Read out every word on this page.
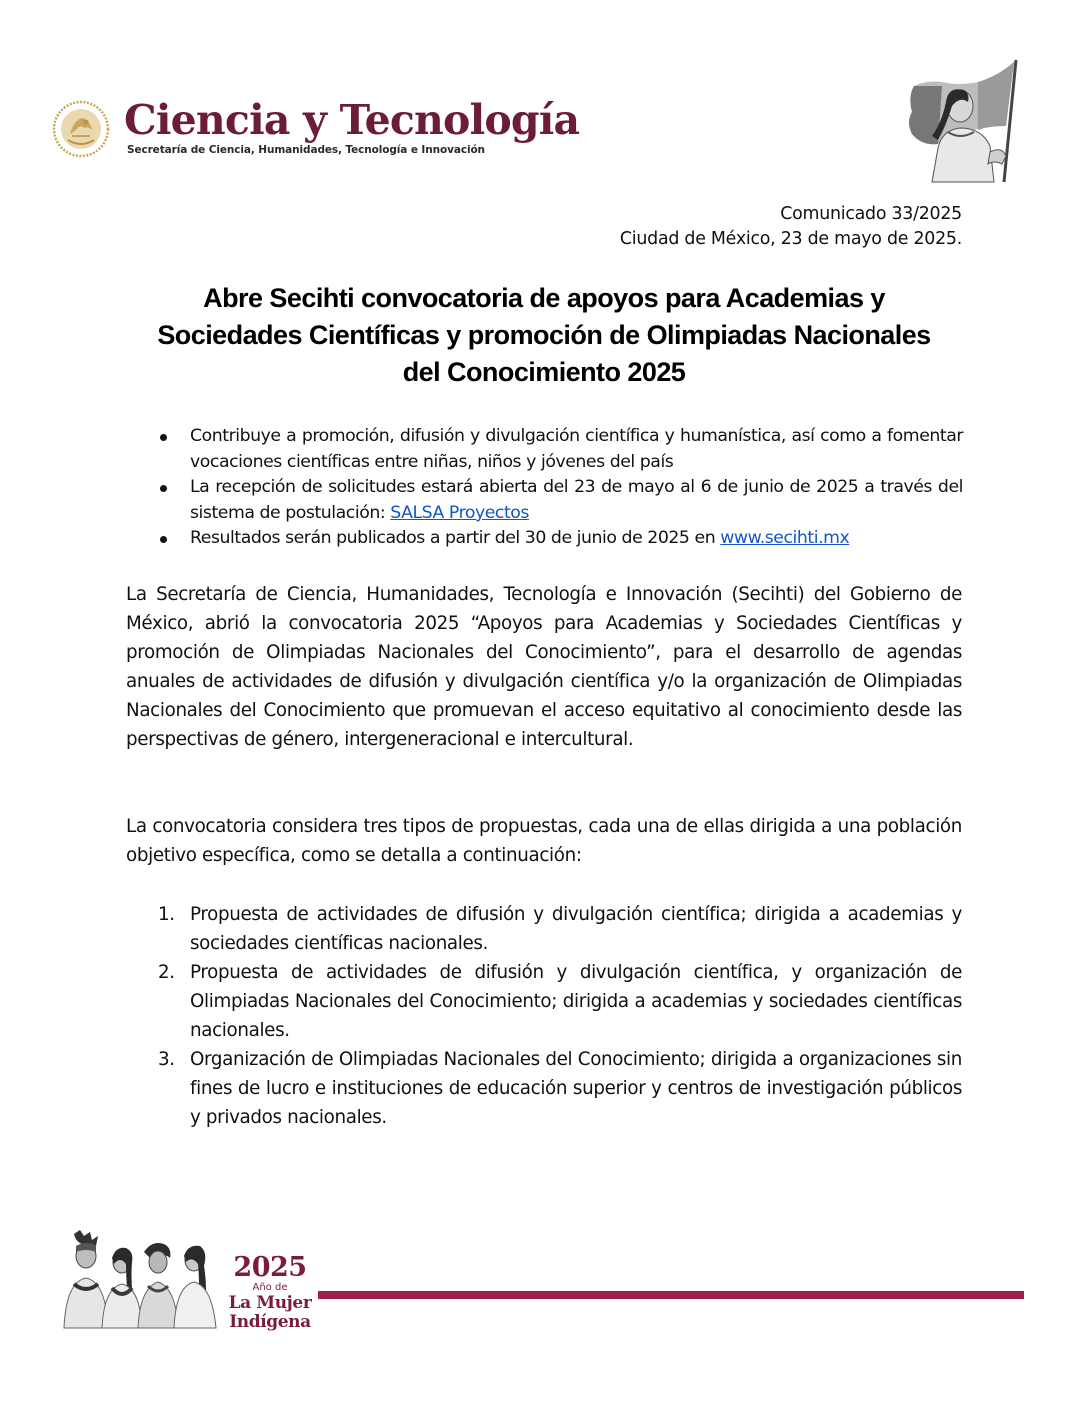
Ciencia y Tecnología
Secretaría de Ciencia, Humanidades, Tecnología e Innovación
Comunicado 33/2025
Ciudad de México, 23 de mayo de 2025.
Abre Secihti convocatoria de apoyos para Academias y
Sociedades Científicas y promoción de Olimpiadas Nacionales
del Conocimiento 2025
Contribuye a promoción, difusión y divulgación científica y humanística, así como a fomentar vocaciones científicas entre niñas, niños y jóvenes del país
La recepción de solicitudes estará abierta del 23 de mayo al 6 de junio de 2025 a través del sistema de postulación: SALSA Proyectos
Resultados serán publicados a partir del 30 de junio de 2025 en www.secihti.mx

La Secretaría de Ciencia, Humanidades, Tecnología e Innovación (Secihti) del Gobierno de México, abrió la convocatoria 2025 “Apoyos para Academias y Sociedades Científicas y promoción de Olimpiadas Nacionales del Conocimiento”, para el desarrollo de agendas anuales de actividades de difusión y divulgación científica y/o la organización de Olimpiadas Nacionales del Conocimiento que promuevan el acceso equitativo al conocimiento desde las perspectivas de género, intergeneracional e intercultural.

La convocatoria considera tres tipos de propuestas, cada una de ellas dirigida a una población objetivo específica, como se detalla a continuación:

1. Propuesta de actividades de difusión y divulgación científica; dirigida a academias y sociedades científicas nacionales.
2. Propuesta de actividades de difusión y divulgación científica, y organización de Olimpiadas Nacionales del Conocimiento; dirigida a academias y sociedades científicas nacionales.
3. Organización de Olimpiadas Nacionales del Conocimiento; dirigida a organizaciones sin fines de lucro e instituciones de educación superior y centros de investigación públicos y privados nacionales.
2025
Año de
La Mujer
Indígena
